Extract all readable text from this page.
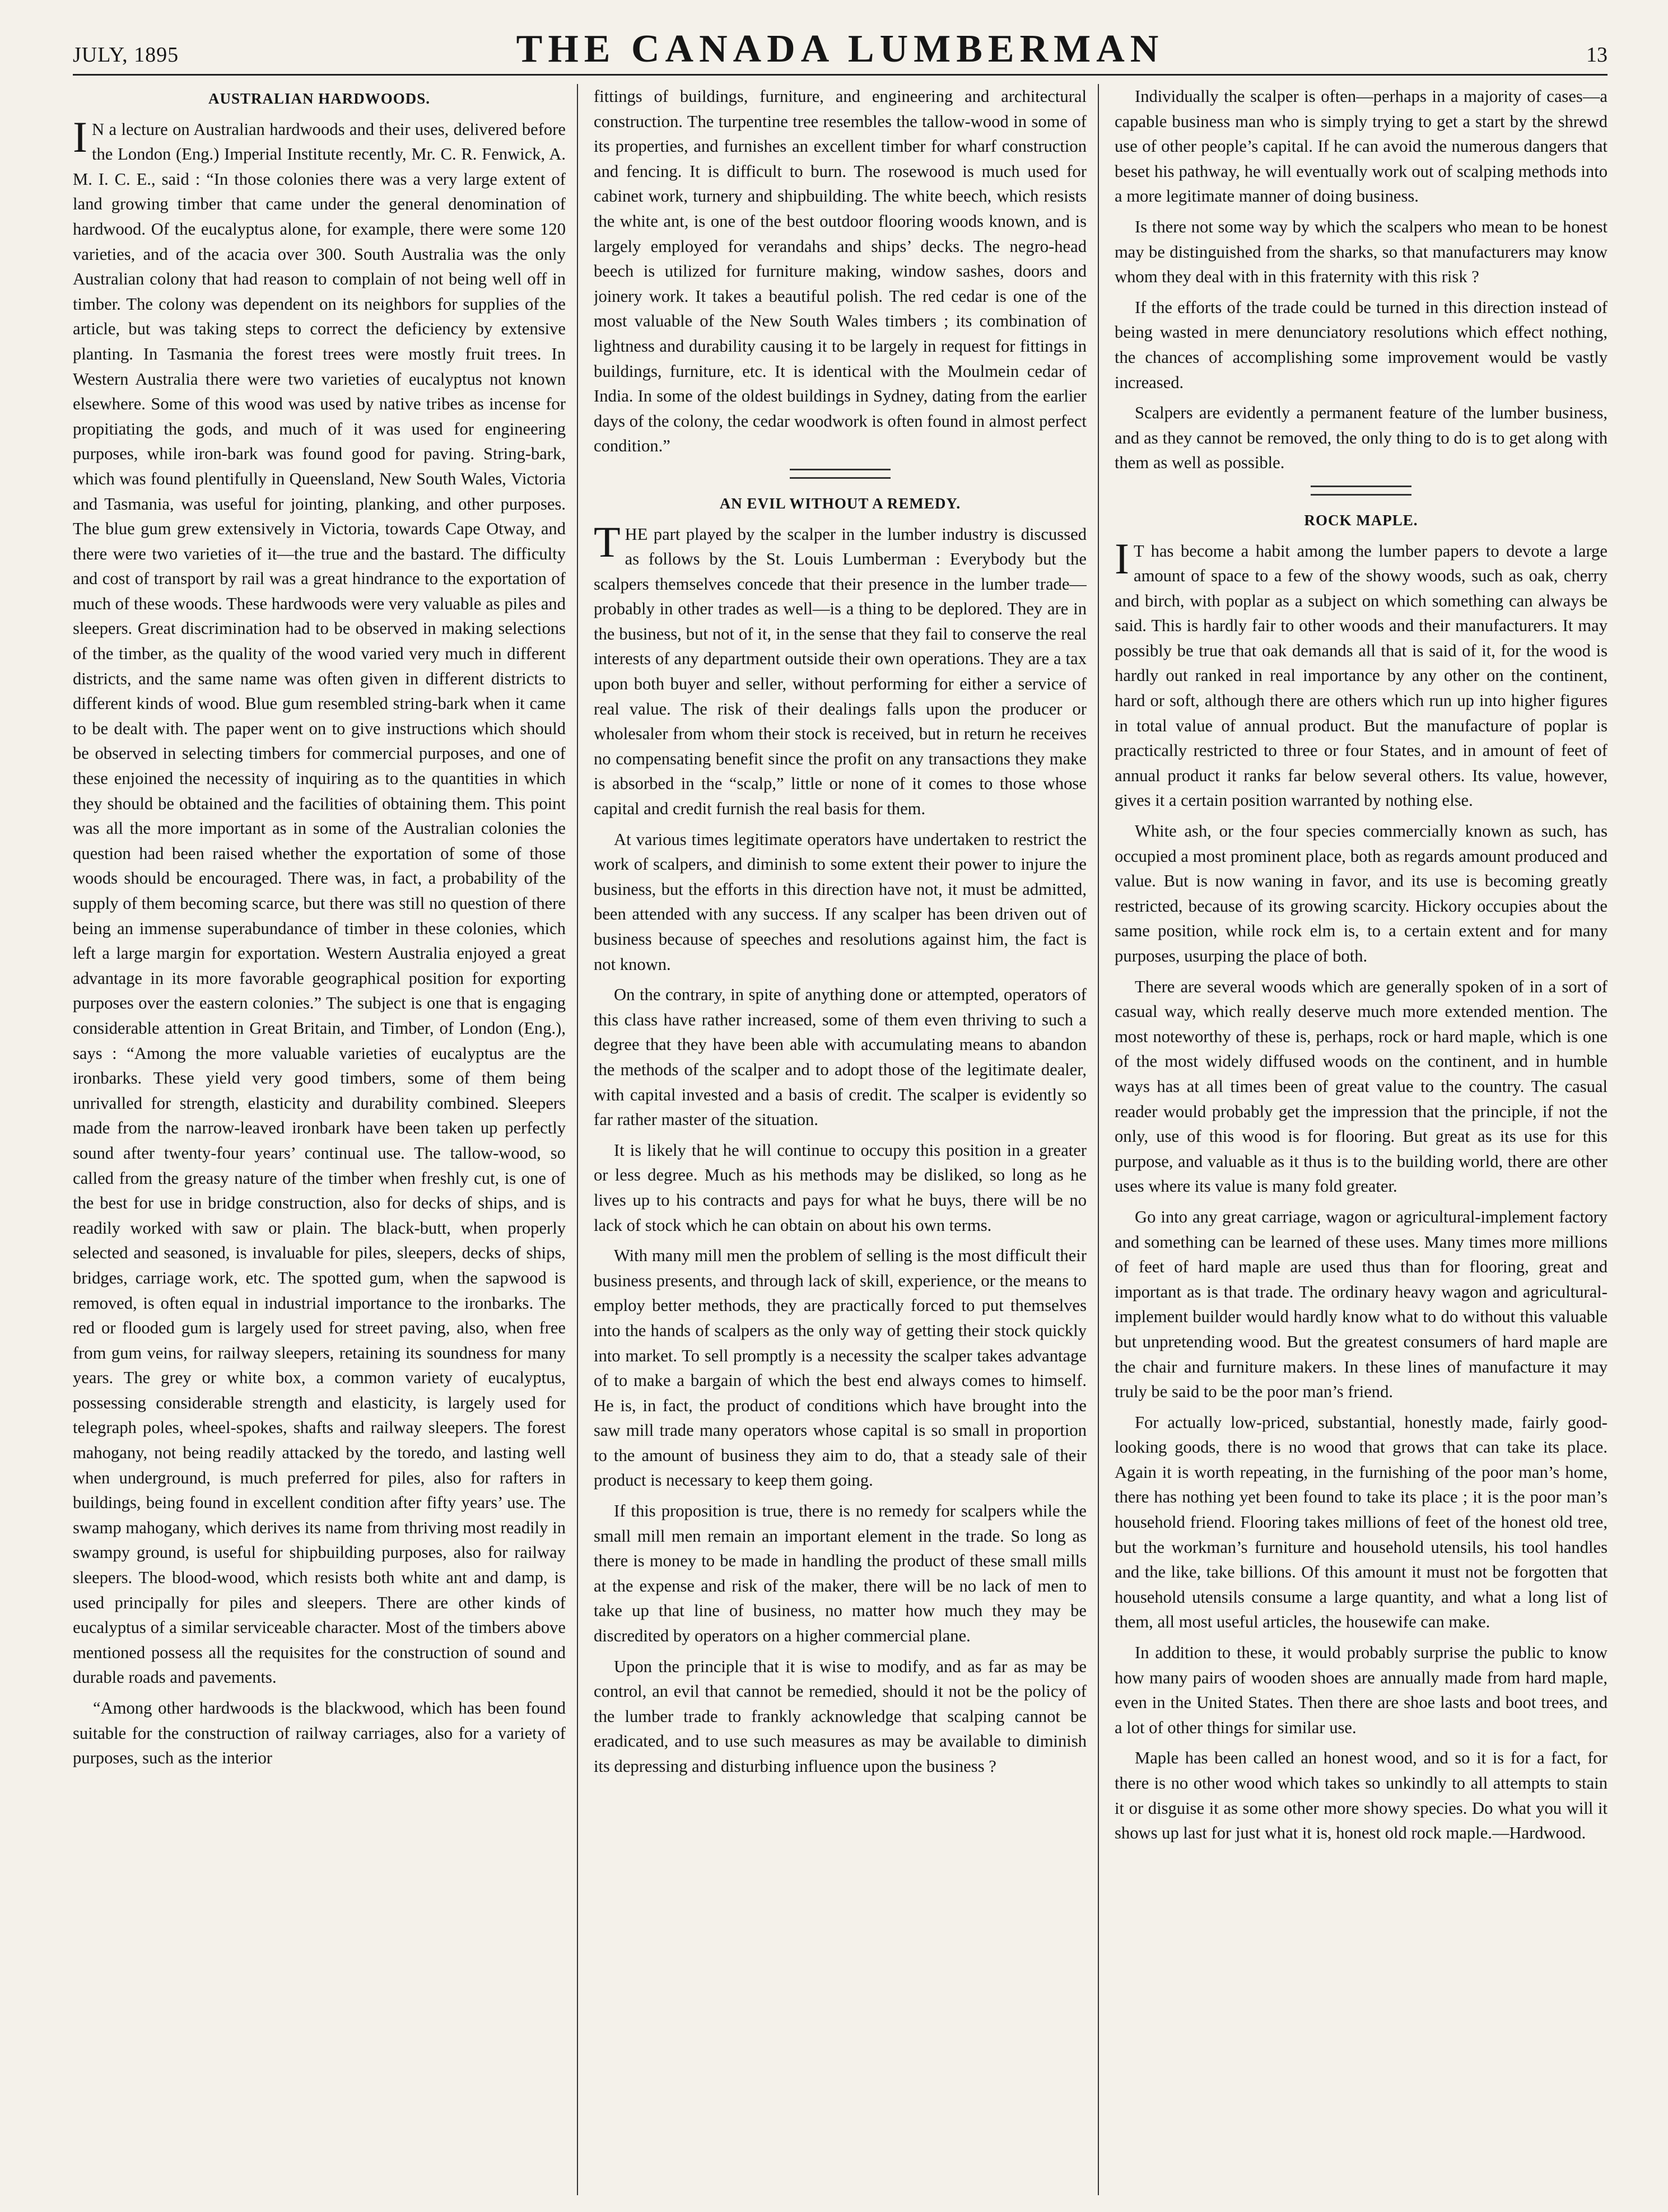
JULY, 1895	THE CANADA LUMBERMAN	13
AUSTRALIAN HARDWOODS.

I N a lecture on Australian hardwoods and their uses, delivered before the London (Eng.) Imperial Institute recently, Mr. C. R. Fenwick, A. M. I. C. E., said : “In those colonies there was a very large extent of land growing timber that came under the general denomination of hardwood. Of the eucalyptus alone, for example, there were some 120 varieties, and of the acacia over 300. South Australia was the only Australian colony that had reason to complain of not being well off in timber. The colony was dependent on its neighbors for supplies of the article, but was taking steps to correct the deficiency by extensive planting. In Tasmania the forest trees were mostly fruit trees. In Western Australia there were two varieties of eucalyptus not known elsewhere. Some of this wood was used by native tribes as incense for propitiating the gods, and much of it was used for engineering purposes, while iron-bark was found good for paving. String-bark, which was found plentifully in Queensland, New South Wales, Victoria and Tasmania, was useful for jointing, planking, and other purposes. The blue gum grew extensively in Victoria, towards Cape Otway, and there were two varieties of it—the true and the bastard. The difficulty and cost of transport by rail was a great hindrance to the exportation of much of these woods. These hardwoods were very valuable as piles and sleepers. Great discrimination had to be observed in making selections of the timber, as the quality of the wood varied very much in different districts, and the same name was often given in different districts to different kinds of wood. Blue gum resembled string-bark when it came to be dealt with. The paper went on to give instructions which should be observed in selecting timbers for commercial purposes, and one of these enjoined the necessity of inquiring as to the quantities in which they should be obtained and the facilities of obtaining them. This point was all the more important as in some of the Australian colonies the question had been raised whether the exportation of some of those woods should be encouraged. There was, in fact, a probability of the supply of them becoming scarce, but there was still no question of there being an immense superabundance of timber in these colonies, which left a large margin for exportation. Western Australia enjoyed a great advantage in its more favorable geographical position for exporting purposes over the eastern colonies.” The subject is one that is engaging considerable attention in Great Britain, and Timber, of London (Eng.), says : “Among the more valuable varieties of eucalyptus are the ironbarks. These yield very good timbers, some of them being unrivalled for strength, elasticity and durability combined. Sleepers made from the narrow-leaved ironbark have been taken up perfectly sound after twenty-four years’ continual use. The tallow-wood, so called from the greasy nature of the timber when freshly cut, is one of the best for use in bridge construction, also for decks of ships, and is readily worked with saw or plain. The black-butt, when properly selected and seasoned, is invaluable for piles, sleepers, decks of ships, bridges, carriage work, etc. The spotted gum, when the sapwood is removed, is often equal in industrial importance to the ironbarks. The red or flooded gum is largely used for street paving, also, when free from gum veins, for railway sleepers, retaining its soundness for many years. The grey or white box, a common variety of eucalyptus, possessing considerable strength and elasticity, is largely used for telegraph poles, wheel-spokes, shafts and railway sleepers. The forest mahogany, not being readily attacked by the toredo, and lasting well when underground, is much preferred for piles, also for rafters in buildings, being found in excellent condition after fifty years’ use. The swamp mahogany, which derives its name from thriving most readily in swampy ground, is useful for shipbuilding purposes, also for railway sleepers. The blood-wood, which resists both white ant and damp, is used principally for piles and sleepers. There are other kinds of eucalyptus of a similar serviceable character. Most of the timbers above mentioned possess all the requisites for the construction of sound and durable roads and pavements.

“Among other hardwoods is the blackwood, which has been found suitable for the construction of railway carriages, also for a variety of purposes, such as the interior

fittings of buildings, furniture, and engineering and architectural construction. The turpentine tree resembles the tallow-wood in some of its properties, and furnishes an excellent timber for wharf construction and fencing. It is difficult to burn. The rosewood is much used for cabinet work, turnery and shipbuilding. The white beech, which resists the white ant, is one of the best outdoor flooring woods known, and is largely employed for verandahs and ships’ decks. The negro-head beech is utilized for furniture making, window sashes, doors and joinery work. It takes a beautiful polish. The red cedar is one of the most valuable of the New South Wales timbers ; its combination of lightness and durability causing it to be largely in request for fittings in buildings, furniture, etc. It is identical with the Moulmein cedar of India. In some of the oldest buildings in Sydney, dating from the earlier days of the colony, the cedar woodwork is often found in almost perfect condition.”

AN EVIL WITHOUT A REMEDY.

THE part played by the scalper in the lumber industry is discussed as follows by the St. Louis Lumberman : Everybody but the scalpers themselves concede that their presence in the lumber trade—probably in other trades as well—is a thing to be deplored. They are in the business, but not of it, in the sense that they fail to conserve the real interests of any department outside their own operations. They are a tax upon both buyer and seller, without performing for either a service of real value. The risk of their dealings falls upon the producer or wholesaler from whom their stock is received, but in return he receives no compensating benefit since the profit on any transactions they make is absorbed in the “scalp,” little or none of it comes to those whose capital and credit furnish the real basis for them.

At various times legitimate operators have undertaken to restrict the work of scalpers, and diminish to some extent their power to injure the business, but the efforts in this direction have not, it must be admitted, been attended with any success. If any scalper has been driven out of business because of speeches and resolutions against him, the fact is not known.

On the contrary, in spite of anything done or attempted, operators of this class have rather increased, some of them even thriving to such a degree that they have been able with accumulating means to abandon the methods of the scalper and to adopt those of the legitimate dealer, with capital invested and a basis of credit. The scalper is evidently so far rather master of the situation.

It is likely that he will continue to occupy this position in a greater or less degree. Much as his methods may be disliked, so long as he lives up to his contracts and pays for what he buys, there will be no lack of stock which he can obtain on about his own terms.

With many mill men the problem of selling is the most difficult their business presents, and through lack of skill, experience, or the means to employ better methods, they are practically forced to put themselves into the hands of scalpers as the only way of getting their stock quickly into market. To sell promptly is a necessity the scalper takes advantage of to make a bargain of which the best end always comes to himself. He is, in fact, the product of conditions which have brought into the saw mill trade many operators whose capital is so small in proportion to the amount of business they aim to do, that a steady sale of their product is necessary to keep them going.

If this proposition is true, there is no remedy for scalpers while the small mill men remain an important element in the trade. So long as there is money to be made in handling the product of these small mills at the expense and risk of the maker, there will be no lack of men to take up that line of business, no matter how much they may be discredited by operators on a higher commercial plane.

Upon the principle that it is wise to modify, and as far as may be control, an evil that cannot be remedied, should it not be the policy of the lumber trade to frankly acknowledge that scalping cannot be eradicated, and to use such measures as may be available to diminish its depressing and disturbing influence upon the business ?

Individually the scalper is often—perhaps in a majority of cases—a capable business man who is simply trying to get a start by the shrewd use of other people’s capital. If he can avoid the numerous dangers that beset his pathway, he will eventually work out of scalping methods into a more legitimate manner of doing business.

Is there not some way by which the scalpers who mean to be honest may be distinguished from the sharks, so that manufacturers may know whom they deal with in this fraternity with this risk ?

If the efforts of the trade could be turned in this direction instead of being wasted in mere denunciatory resolutions which effect nothing, the chances of accomplishing some improvement would be vastly increased.

Scalpers are evidently a permanent feature of the lumber business, and as they cannot be removed, the only thing to do is to get along with them as well as possible.

ROCK MAPLE.

I T has become a habit among the lumber papers to devote a large amount of space to a few of the showy woods, such as oak, cherry and birch, with poplar as a subject on which something can always be said. This is hardly fair to other woods and their manufacturers. It may possibly be true that oak demands all that is said of it, for the wood is hardly out ranked in real importance by any other on the continent, hard or soft, although there are others which run up into higher figures in total value of annual product. But the manufacture of poplar is practically restricted to three or four States, and in amount of feet of annual product it ranks far below several others. Its value, however, gives it a certain position warranted by nothing else.

White ash, or the four species commercially known as such, has occupied a most prominent place, both as regards amount produced and value. But is now waning in favor, and its use is becoming greatly restricted, because of its growing scarcity. Hickory occupies about the same position, while rock elm is, to a certain extent and for many purposes, usurping the place of both.

There are several woods which are generally spoken of in a sort of casual way, which really deserve much more extended mention. The most noteworthy of these is, perhaps, rock or hard maple, which is one of the most widely diffused woods on the continent, and in humble ways has at all times been of great value to the country. The casual reader would probably get the impression that the principle, if not the only, use of this wood is for flooring. But great as its use for this purpose, and valuable as it thus is to the building world, there are other uses where its value is many fold greater.

Go into any great carriage, wagon or agricultural-implement factory and something can be learned of these uses. Many times more millions of feet of hard maple are used thus than for flooring, great and important as is that trade. The ordinary heavy wagon and agricultural-implement builder would hardly know what to do without this valuable but unpretending wood. But the greatest consumers of hard maple are the chair and furniture makers. In these lines of manufacture it may truly be said to be the poor man’s friend.

For actually low-priced, substantial, honestly made, fairly good-looking goods, there is no wood that grows that can take its place. Again it is worth repeating, in the furnishing of the poor man’s home, there has nothing yet been found to take its place ; it is the poor man’s household friend. Flooring takes millions of feet of the honest old tree, but the workman’s furniture and household utensils, his tool handles and the like, take billions. Of this amount it must not be forgotten that household utensils consume a large quantity, and what a long list of them, all most useful articles, the housewife can make.

In addition to these, it would probably surprise the public to know how many pairs of wooden shoes are annually made from hard maple, even in the United States. Then there are shoe lasts and boot trees, and a lot of other things for similar use.

Maple has been called an honest wood, and so it is for a fact, for there is no other wood which takes so unkindly to all attempts to stain it or disguise it as some other more showy species. Do what you will it shows up last for just what it is, honest old rock maple.—Hardwood.
